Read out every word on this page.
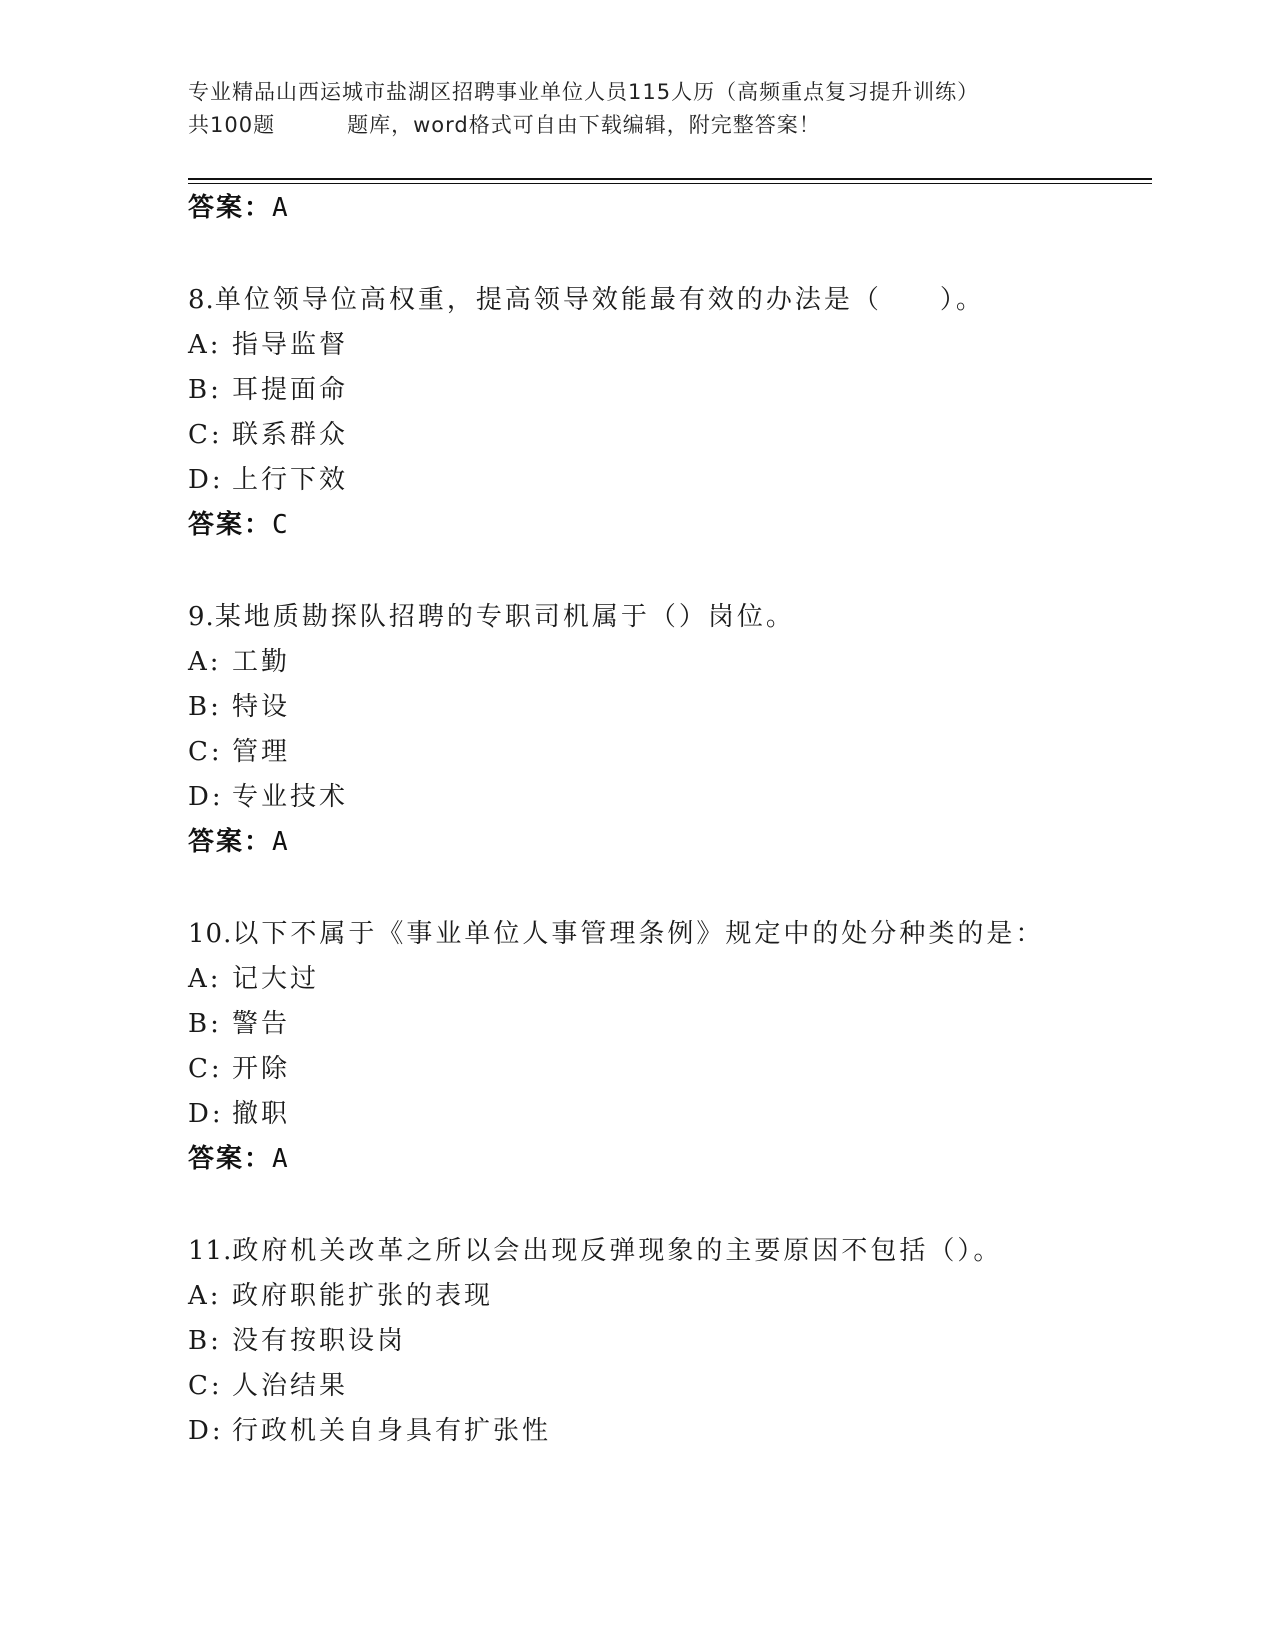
专业精品山西运城市盐湖区招聘事业单位人员115人历（高频重点复习提升训练）
共100题	题库，word格式可自由下载编辑，附完整答案！
答案：A
8.单位领导位高权重，提高领导效能最有效的办法是（　　）。
A: 指导监督
B: 耳提面命
C: 联系群众
D: 上行下效
答案：C
9.某地质勘探队招聘的专职司机属于（）岗位。
A: 工勤
B: 特设
C: 管理
D: 专业技术
答案：A
10.以下不属于《事业单位人事管理条例》规定中的处分种类的是：
A: 记大过
B: 警告
C: 开除
D: 撤职
答案：A
11.政府机关改革之所以会出现反弹现象的主要原因不包括（）。
A: 政府职能扩张的表现
B: 没有按职设岗
C: 人治结果
D: 行政机关自身具有扩张性
